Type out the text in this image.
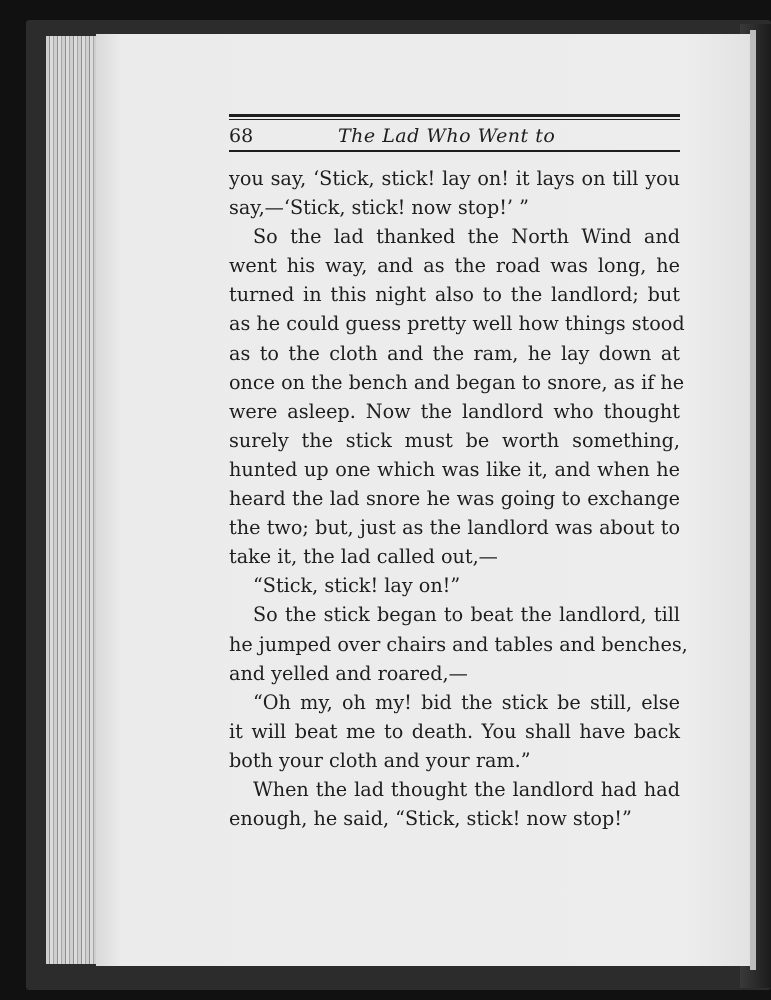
68	The Lad Who Went to
you say, ‘Stick, stick! lay on! it lays on till you
say,—‘Stick, stick! now stop!’ ”
So the lad thanked the North Wind and
went his way, and as the road was long, he
turned in this night also to the landlord; but
as he could guess pretty well how things stood
as to the cloth and the ram, he lay down at
once on the bench and began to snore, as if he
were asleep. Now the landlord who thought
surely the stick must be worth something,
hunted up one which was like it, and when he
heard the lad snore he was going to exchange
the two; but, just as the landlord was about to
take it, the lad called out,—
“Stick, stick! lay on!”
So the stick began to beat the landlord, till
he jumped over chairs and tables and benches,
and yelled and roared,—
“Oh my, oh my! bid the stick be still, else
it will beat me to death. You shall have back
both your cloth and your ram.”
When the lad thought the landlord had had
enough, he said, “Stick, stick! now stop!”
